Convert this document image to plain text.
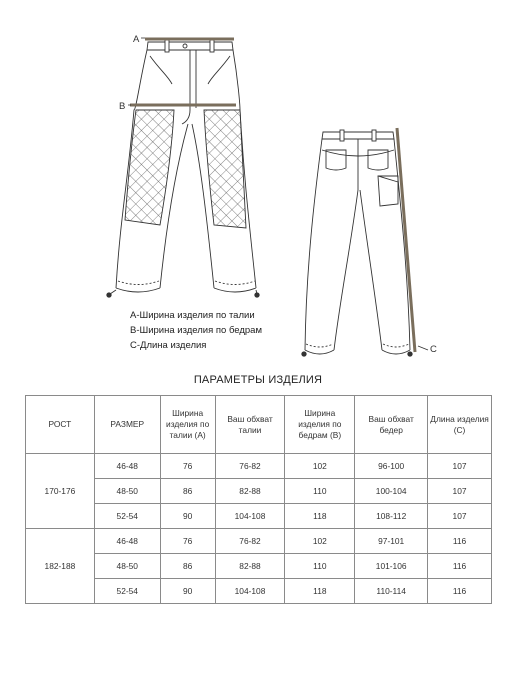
A
B
C
A-Ширина изделия по талии
B-Ширина изделия по бедрам
C-Длина изделия
ПАРАМЕТРЫ ИЗДЕЛИЯ
РОСТ	РАЗМЕР	Ширина изделия по талии (А)	Ваш обхват талии	Ширина изделия по бедрам (В)	Ваш обхват бедер	Длина изделия (С)
170-176	46-48	76	76-82	102	96-100	107
	48-50	86	82-88	110	100-104	107
	52-54	90	104-108	118	108-112	107
182-188	46-48	76	76-82	102	97-101	116
	48-50	86	82-88	110	101-106	116
	52-54	90	104-108	118	110-114	116
